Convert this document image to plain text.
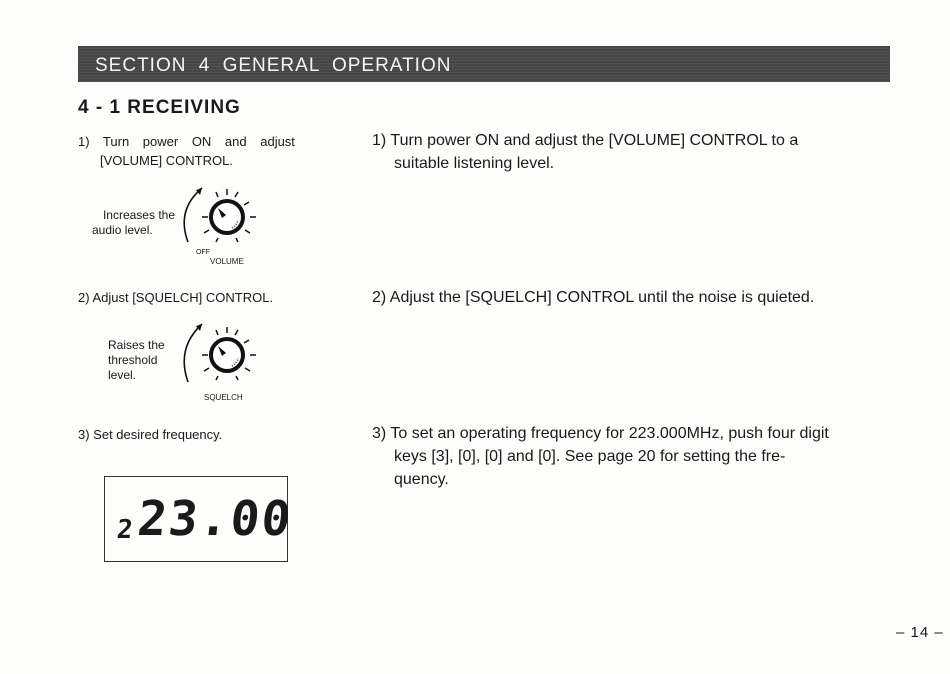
SECTION 4 GENERAL OPERATION
4 - 1 RECEIVING
1) Turn power ON and adjust
[VOLUME] CONTROL.
1) Turn power ON and adjust the [VOLUME] CONTROL to a
suitable listening level.
Increases the
audio level.
OFF
VOLUME
2) Adjust [SQUELCH] CONTROL.	2) Adjust the [SQUELCH] CONTROL until the noise is quieted.
Raises the
threshold
level.
SQUELCH
3) Set desired frequency.	3) To set an operating frequency for 223.000MHz, push four digit
keys [3], [0], [0] and [0]. See page 20 for setting the fre-
quency.
2 23.00
– 14 –
